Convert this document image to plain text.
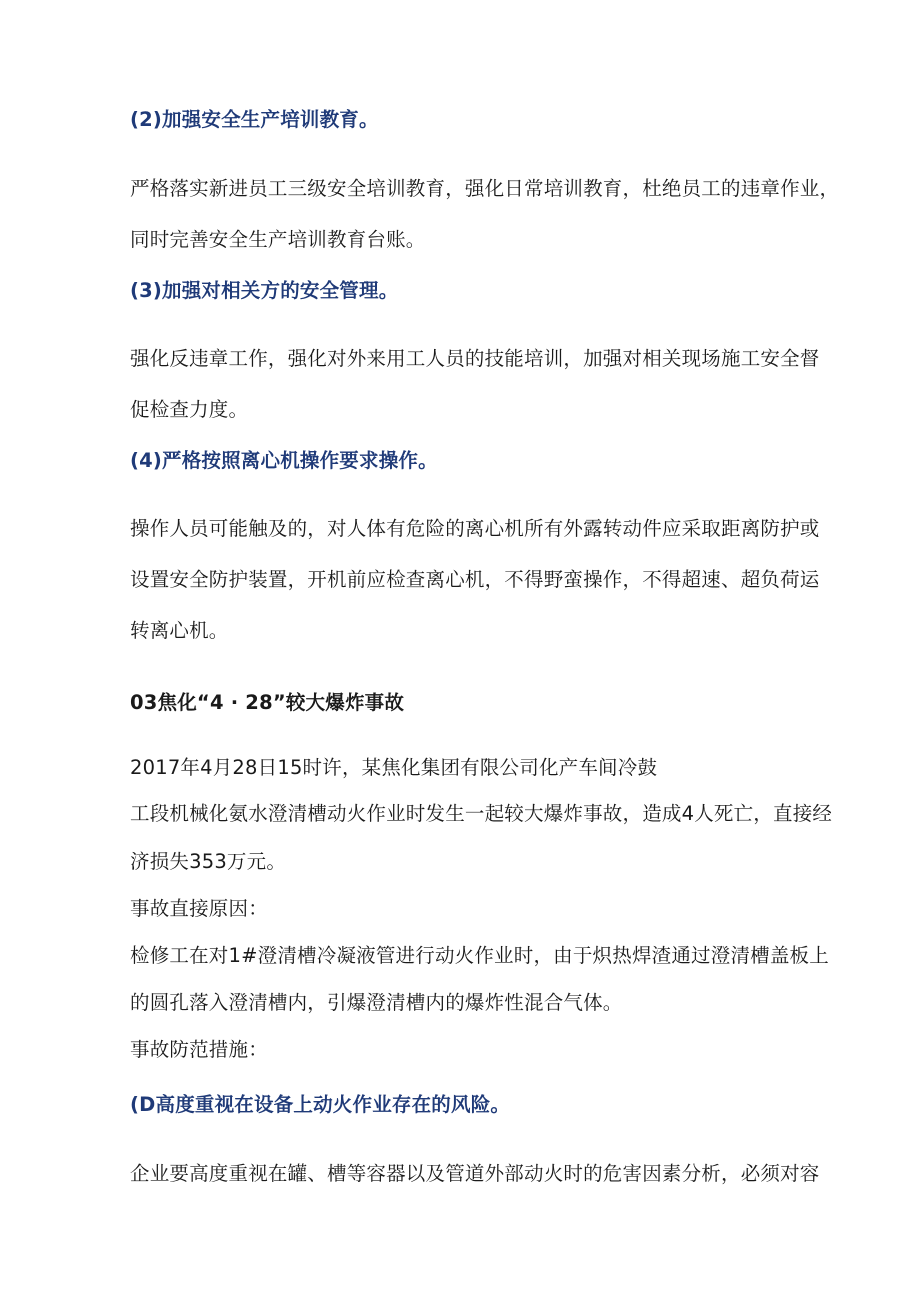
(2)加强安全生产培训教育。
严格落实新进员工三级安全培训教育，强化日常培训教育，杜绝员工的违章作业，
同时完善安全生产培训教育台账。
(3)加强对相关方的安全管理。
强化反违章工作，强化对外来用工人员的技能培训，加强对相关现场施工安全督
促检查力度。
(4)严格按照离心机操作要求操作。
操作人员可能触及的，对人体有危险的离心机所有外露转动件应采取距离防护或
设置安全防护装置，开机前应检查离心机，不得野蛮操作，不得超速、超负荷运
转离心机。
03焦化“4 · 28”较大爆炸事故
2017年4月28日15时许，某焦化集团有限公司化产车间冷鼓
工段机械化氨水澄清槽动火作业时发生一起较大爆炸事故，造成4人死亡，直接经
济损失353万元。
事故直接原因：
检修工在对1#澄清槽冷凝液管进行动火作业时，由于炽热焊渣通过澄清槽盖板上
的圆孔落入澄清槽内，引爆澄清槽内的爆炸性混合气体。
事故防范措施：
(D高度重视在设备上动火作业存在的风险。
企业要高度重视在罐、槽等容器以及管道外部动火时的危害因素分析，必须对容
